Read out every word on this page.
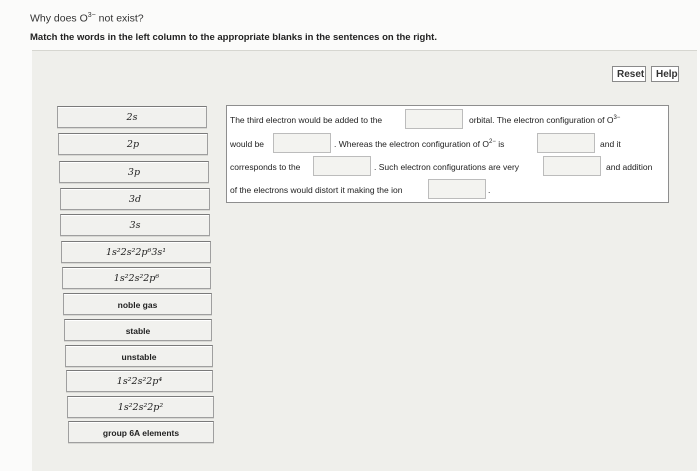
Why does $O^{3-}$ not exist?
Match the words in the left column to the appropriate blanks in the sentences on the right.
Reset	Help
2s
2p
3p
3d
3s
1s²2s²2p⁶3s¹
1s²2s²2p⁶
noble gas
stable
unstable
1s²2s²2p⁴
1s²2s²2p²
group 6A elements
The third electron would be added to the	orbital. The electron configuration of $O^{3-}$
would be	. Whereas the electron configuration of $O^{2-}$ is	and it
corresponds to the	. Such electron configurations are very	and addition
of the electrons would distort it making the ion	.
